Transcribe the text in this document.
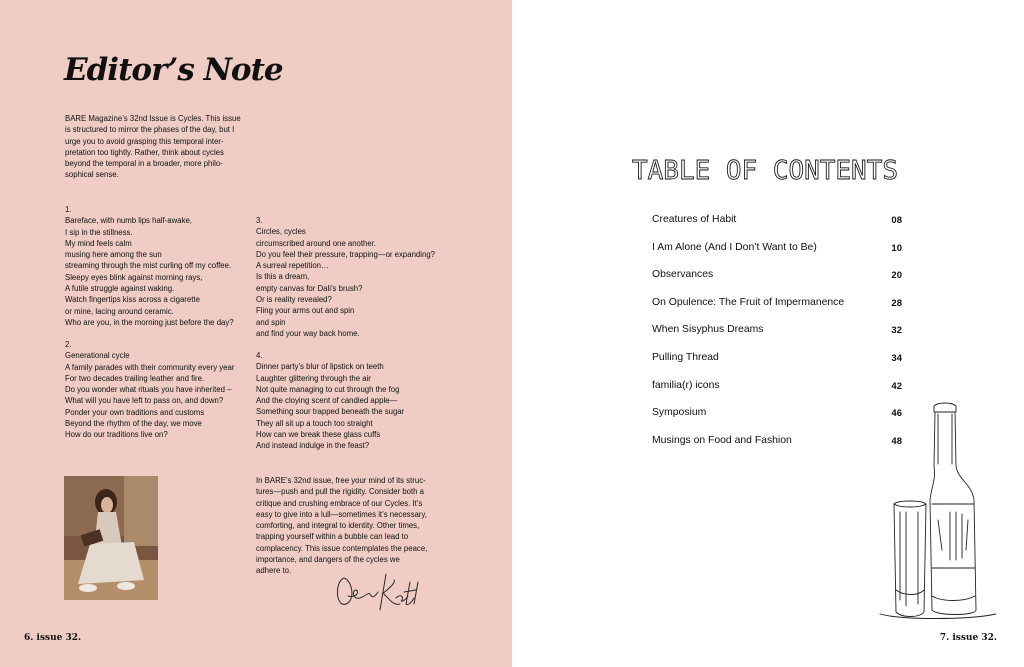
Editor’s Note
BARE Magazine’s 32nd Issue is Cycles. This issue
is structured to mirror the phases of the day, but I
urge you to avoid grasping this temporal inter-
pretation too tightly. Rather, think about cycles
beyond the temporal in a broader, more philo-
sophical sense.
1.
Bareface, with numb lips half-awake,
I sip in the stillness.
My mind feels calm
musing here among the sun
streaming through the mist curling off my coffee.
Sleepy eyes blink against morning rays,
A futile struggle against waking.
Watch fingertips kiss across a cigarette
or mine, lacing around ceramic.
Who are you, in the morning just before the day?
2.
Generational cycle
A family parades with their community every year
For two decades trailing leather and fire.
Do you wonder what rituals you have inherited –
What will you have left to pass on, and down?
Ponder your own traditions and customs
Beyond the rhythm of the day, we move
How do our traditions live on?
3.
Circles, cycles
circumscribed around one another.
Do you feel their pressure, trapping—or expanding?
A surreal repetition…
Is this a dream,
empty canvas for Dali’s brush?
Or is reality revealed?
Fling your arms out and spin
and spin
and find your way back home.
4.
Dinner party’s blur of lipstick on teeth
Laughter glittering through the air
Not quite managing to cut through the fog
And the cloying scent of candied apple—
Something sour trapped beneath the sugar
They all sit up a touch too straight
How can we break these glass cuffs
And instead indulge in the feast?
In BARE’s 32nd issue, free your mind of its struc-
tures—push and pull the rigidity. Consider both a
critique and crushing embrace of our Cycles. It’s
easy to give into a lull—sometimes it’s necessary,
comforting, and integral to identity. Other times,
trapping yourself within a bubble can lead to
complacency. This issue contemplates the peace,
importance, and dangers of the cycles we
adhere to.
6. issue 32.
TABLE OF CONTENTS
Creatures of Habit	08
I Am Alone (And I Don’t Want to Be)	10
Observances	20
On Opulence: The Fruit of Impermanence	28
When Sisyphus Dreams	32
Pulling Thread	34
familia(r) icons	42
Symposium	46
Musings on Food and Fashion	48
7. issue 32.
